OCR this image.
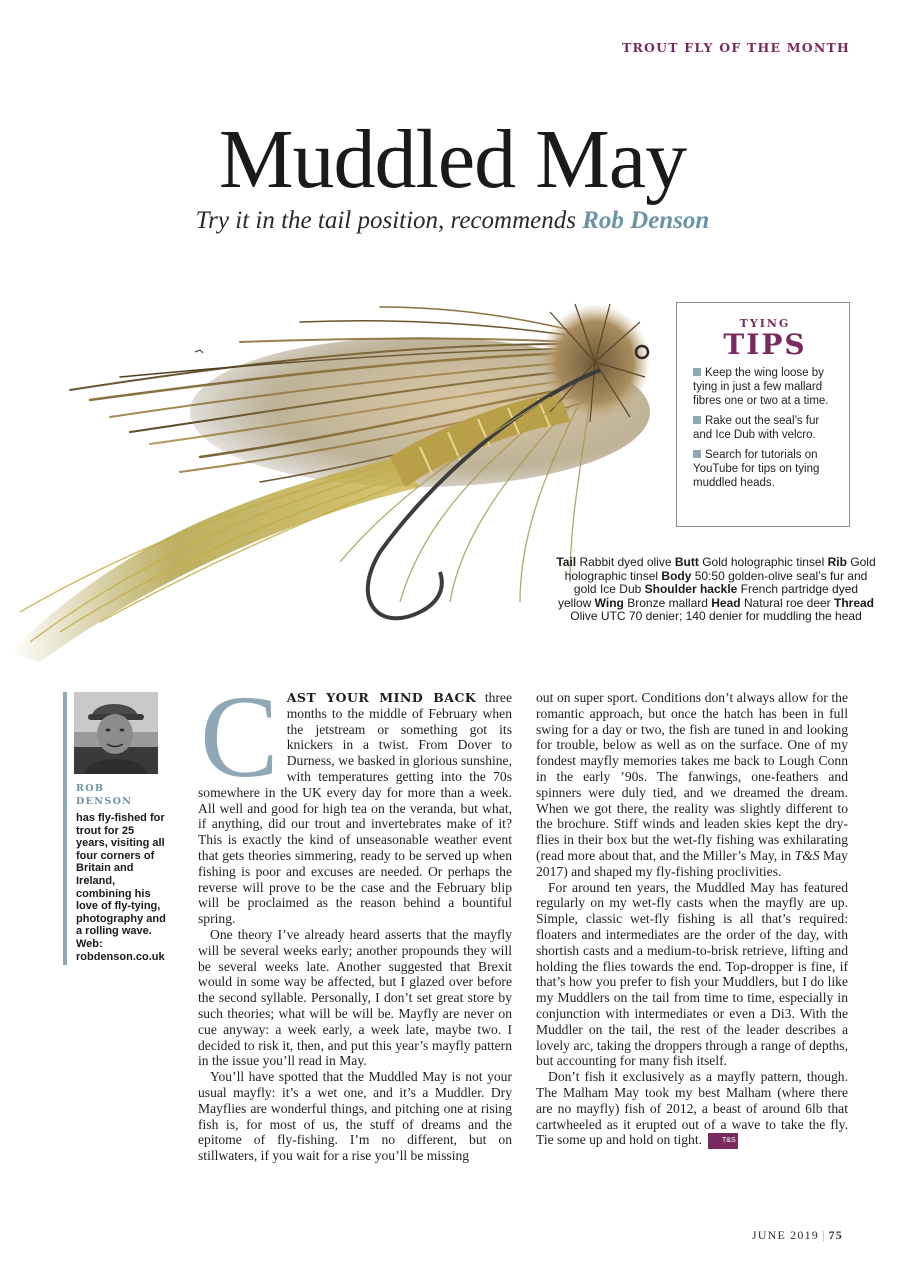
TROUT FLY OF THE MONTH
Muddled May
Try it in the tail position, recommends Rob Denson
TYING
TIPS
Keep the wing loose by tying in just a few mallard fibres one or two at a time.
Rake out the seal’s fur and Ice Dub with velcro.
Search for tutorials on YouTube for tips on tying muddled heads.
Tail Rabbit dyed olive Butt Gold holographic tinsel Rib Gold holographic tinsel Body 50:50 golden-olive seal’s fur and gold Ice Dub Shoulder hackle French partridge dyed yellow Wing Bronze mallard Head Natural roe deer Thread Olive UTC 70 denier; 140 denier for muddling the head
ROB
DENSON
has fly-fished for trout for 25 years, visiting all four corners of Britain and Ireland, combining his love of fly-tying, photography and a rolling wave. Web: robdenson.co.uk

CAST YOUR MIND BACK three months to the middle of February when the jetstream or something got its knickers in a twist. From Dover to Durness, we basked in glorious sunshine, with temperatures getting into the 70s somewhere in the UK every day for more than a week. All well and good for high tea on the veranda, but what, if anything, did our trout and invertebrates make of it? This is exactly the kind of unseasonable weather event that gets theories simmering, ready to be served up when fishing is poor and excuses are needed. Or perhaps the reverse will prove to be the case and the February blip will be proclaimed as the reason behind a bountiful spring.

One theory I’ve already heard asserts that the mayfly will be several weeks early; another propounds they will be several weeks late. Another suggested that Brexit would in some way be affected, but I glazed over before the second syllable. Personally, I don’t set great store by such theories; what will be will be. Mayfly are never on cue anyway: a week early, a week late, maybe two. I decided to risk it, then, and put this year’s mayfly pattern in the issue you’ll read in May.

You’ll have spotted that the Muddled May is not your usual mayfly: it’s a wet one, and it’s a Muddler. Dry Mayflies are wonderful things, and pitching one at rising fish is, for most of us, the stuff of dreams and the epitome of fly-fishing. I’m no different, but on stillwaters, if you wait for a rise you’ll be missing

out on super sport. Conditions don’t always allow for the romantic approach, but once the hatch has been in full swing for a day or two, the fish are tuned in and looking for trouble, below as well as on the surface. One of my fondest mayfly memories takes me back to Lough Conn in the early ’90s. The fanwings, one-feathers and spinners were duly tied, and we dreamed the dream. When we got there, the reality was slightly different to the brochure. Stiff winds and leaden skies kept the dry-flies in their box but the wet-fly fishing was exhilarating (read more about that, and the Miller’s May, in T&S May 2017) and shaped my fly-fishing proclivities.

For around ten years, the Muddled May has featured regularly on my wet-fly casts when the mayfly are up. Simple, classic wet-fly fishing is all that’s required: floaters and intermediates are the order of the day, with shortish casts and a medium-to-brisk retrieve, lifting and holding the flies towards the end. Top-dropper is fine, if that’s how you prefer to fish your Muddlers, but I do like my Muddlers on the tail from time to time, especially in conjunction with intermediates or even a Di3. With the Muddler on the tail, the rest of the leader describes a lovely arc, taking the droppers through a range of depths, but accounting for many fish itself.

Don’t fish it exclusively as a mayfly pattern, though. The Malham May took my best Malham (where there are no mayfly) fish of 2012, a beast of around 6lb that cartwheeled as it erupted out of a wave to take the fly. Tie some up and hold on tight.	T&S

JUNE 2019 | 75
